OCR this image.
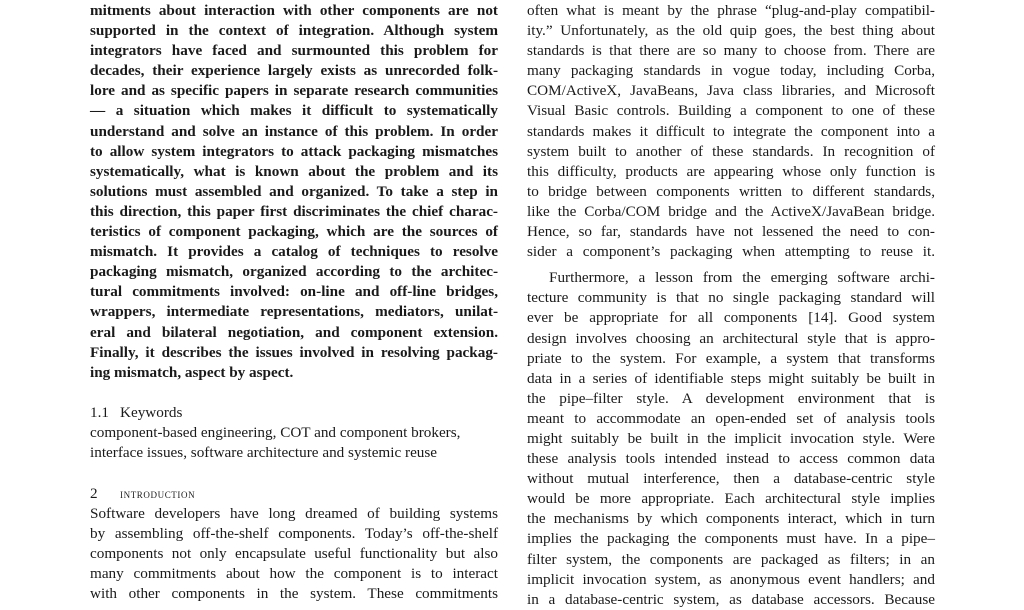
mitments about interaction with other components are not
supported in the context of integration. Although system
integrators have faced and surmounted this problem for
decades, their experience largely exists as unrecorded folk-
lore and as specific papers in separate research communities
— a situation which makes it difficult to systematically
understand and solve an instance of this problem. In order
to allow system integrators to attack packaging mismatches
systematically, what is known about the problem and its
solutions must assembled and organized. To take a step in
this direction, this paper first discriminates the chief charac-
teristics of component packaging, which are the sources of
mismatch. It provides a catalog of techniques to resolve
packaging mismatch, organized according to the architec-
tural commitments involved: on-line and off-line bridges,
wrappers, intermediate representations, mediators, unilat-
eral and bilateral negotiation, and component extension.
Finally, it describes the issues involved in resolving packag-
ing mismatch, aspect by aspect.
1.1 Keywords
component-based engineering, COT and component brokers,
interface issues, software architecture and systemic reuse
2 introduction
Software developers have long dreamed of building systems
by assembling off-the-shelf components. Today’s off-the-shelf
components not only encapsulate useful functionality but also
many commitments about how the component is to interact
with other components in the system. These commitments
often what is meant by the phrase “plug-and-play compatibil-
ity.” Unfortunately, as the old quip goes, the best thing about
standards is that there are so many to choose from. There are
many packaging standards in vogue today, including Corba,
COM/ActiveX, JavaBeans, Java class libraries, and Microsoft
Visual Basic controls. Building a component to one of these
standards makes it difficult to integrate the component into a
system built to another of these standards. In recognition of
this difficulty, products are appearing whose only function is
to bridge between components written to different standards,
like the Corba/COM bridge and the ActiveX/JavaBean bridge.
Hence, so far, standards have not lessened the need to con-
sider a component’s packaging when attempting to reuse it.
Furthermore, a lesson from the emerging software archi-
tecture community is that no single packaging standard will
ever be appropriate for all components [14]. Good system
design involves choosing an architectural style that is appro-
priate to the system. For example, a system that transforms
data in a series of identifiable steps might suitably be built in
the pipe–filter style. A development environment that is
meant to accommodate an open-ended set of analysis tools
might suitably be built in the implicit invocation style. Were
these analysis tools intended instead to access common data
without mutual interference, then a database-centric style
would be more appropriate. Each architectural style implies
the mechanisms by which components interact, which in turn
implies the packaging the components must have. In a pipe–
filter system, the components are packaged as filters; in an
implicit invocation system, as anonymous event handlers; and
in a database-centric system, as database accessors. Because
